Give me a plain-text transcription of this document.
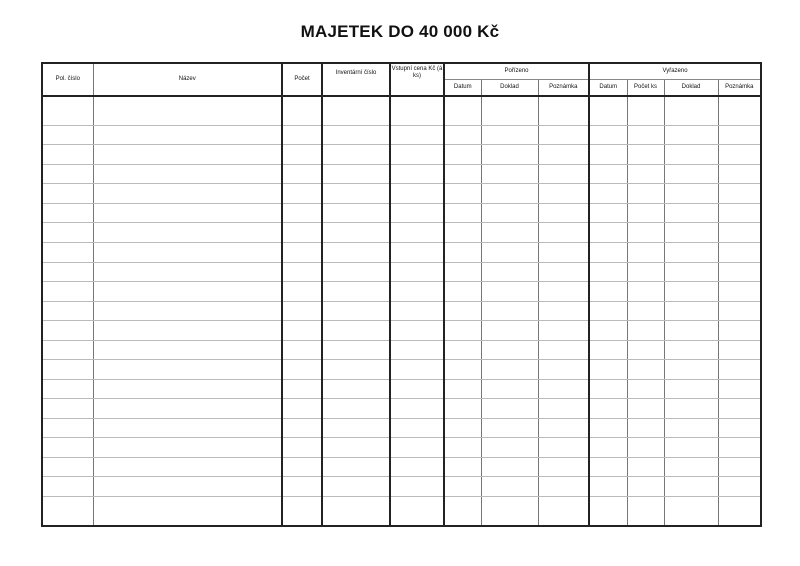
MAJETEK DO 40 000 Kč
Pol. číslo	Název	Počet	Inventární číslo	Vstupní cena Kč (á ks)	Pořízeno			Vyřazeno			
					Datum	Doklad	Poznámka	Datum	Počet ks	Doklad	Poznámka
